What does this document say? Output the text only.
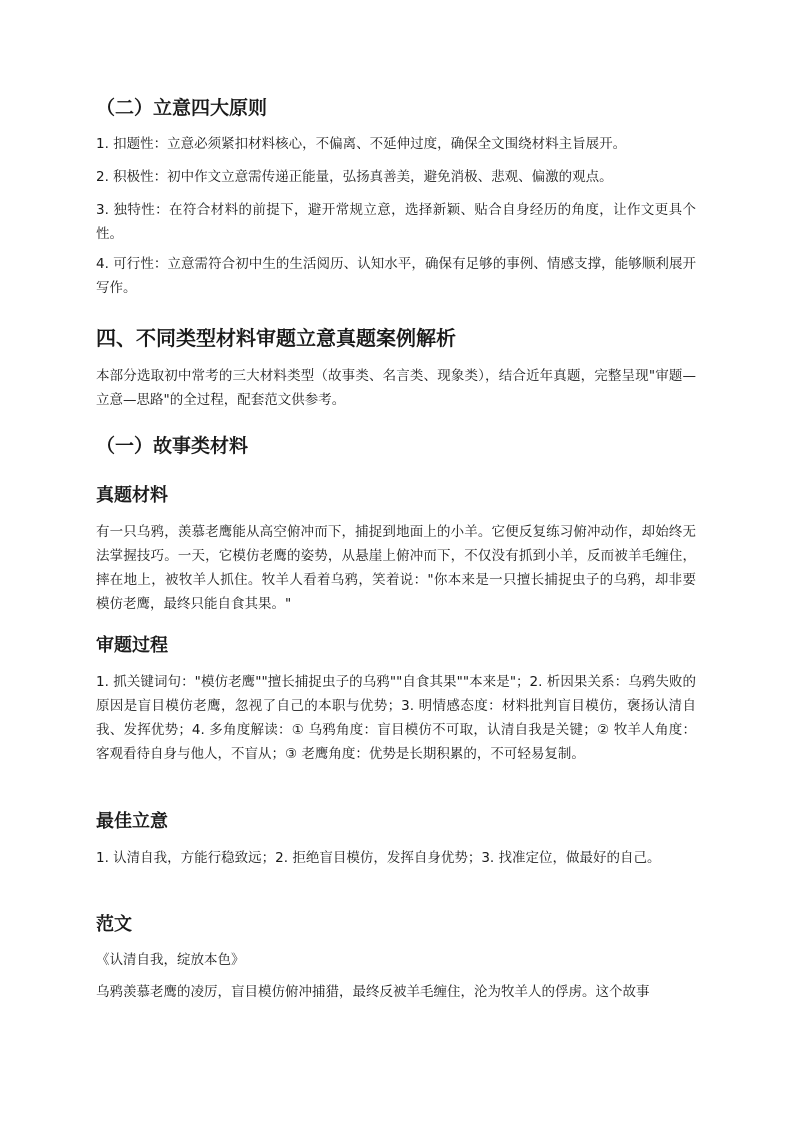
（二）立意四大原则

1. 扣题性：立意必须紧扣材料核心，不偏离、不延伸过度，确保全文围绕材料主旨展开。

2. 积极性：初中作文立意需传递正能量，弘扬真善美，避免消极、悲观、偏激的观点。

3. 独特性：在符合材料的前提下，避开常规立意，选择新颖、贴合自身经历的角度，让作文更具个性。

4. 可行性：立意需符合初中生的生活阅历、认知水平，确保有足够的事例、情感支撑，能够顺利展开写作。

四、不同类型材料审题立意真题案例解析

本部分选取初中常考的三大材料类型（故事类、名言类、现象类），结合近年真题，完整呈现"审题—立意—思路"的全过程，配套范文供参考。

（一）故事类材料
真题材料

有一只乌鸦，羡慕老鹰能从高空俯冲而下，捕捉到地面上的小羊。它便反复练习俯冲动作，却始终无法掌握技巧。一天，它模仿老鹰的姿势，从悬崖上俯冲而下，不仅没有抓到小羊，反而被羊毛缠住，摔在地上，被牧羊人抓住。牧羊人看着乌鸦，笑着说："你本来是一只擅长捕捉虫子的乌鸦，却非要模仿老鹰，最终只能自食其果。"

审题过程

1. 抓关键词句："模仿老鹰""擅长捕捉虫子的乌鸦""自食其果""本来是"；2. 析因果关系：乌鸦失败的原因是盲目模仿老鹰，忽视了自己的本职与优势；3. 明情感态度：材料批判盲目模仿，褒扬认清自我、发挥优势；4. 多角度解读：① 乌鸦角度：盲目模仿不可取，认清自我是关键；② 牧羊人角度：客观看待自身与他人，不盲从；③ 老鹰角度：优势是长期积累的，不可轻易复制。

最佳立意

1. 认清自我，方能行稳致远；2. 拒绝盲目模仿，发挥自身优势；3. 找准定位，做最好的自己。

范文

《认清自我，绽放本色》

乌鸦羡慕老鹰的凌厉，盲目模仿俯冲捕猎，最终反被羊毛缠住，沦为牧羊人的俘虏。这个故事
